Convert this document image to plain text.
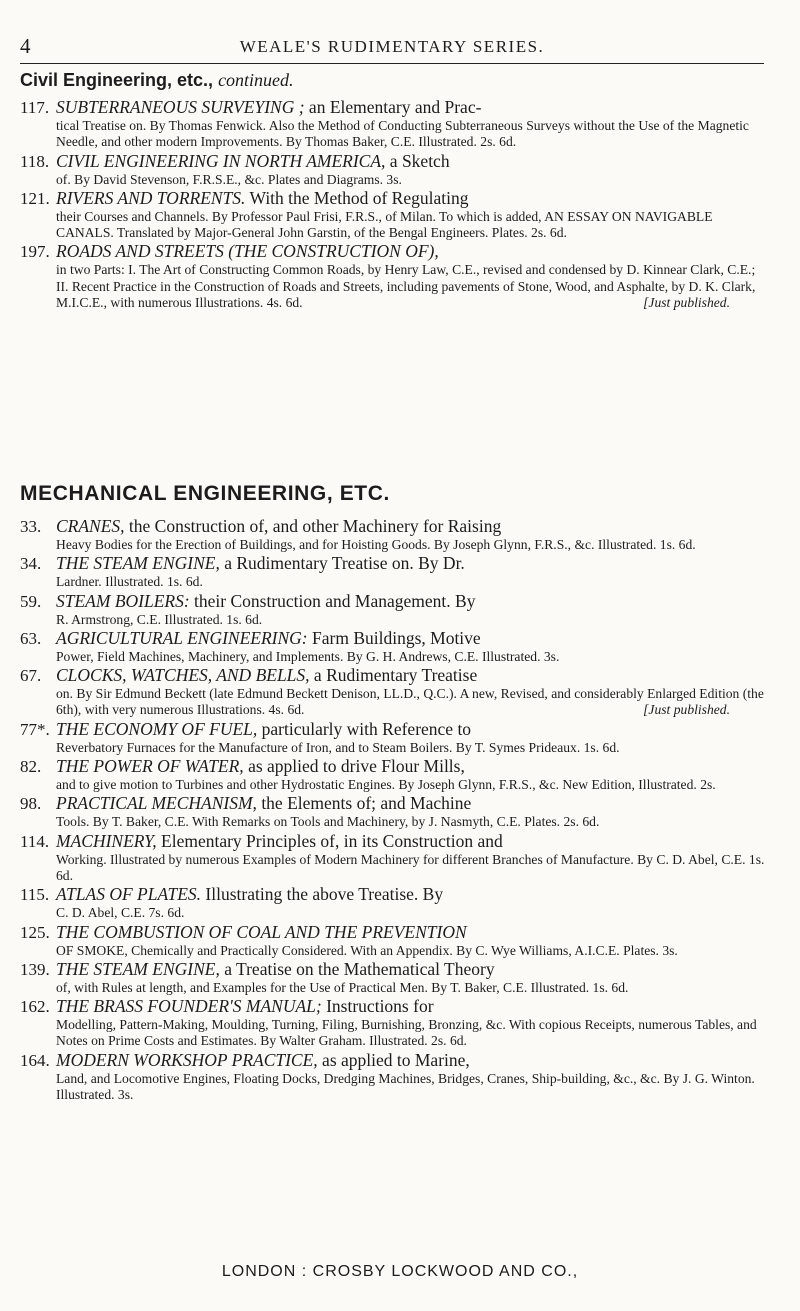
4	WEALE'S RUDIMENTARY SERIES.
Civil Engineering, etc., continued.
117. SUBTERRANEOUS SURVEYING ; an Elementary and Prac-
tical Treatise on. By Thomas Fenwick. Also the Method of Conducting Subterraneous Surveys without the Use of the Magnetic Needle, and other modern Improvements. By Thomas Baker, C.E. Illustrated. 2s. 6d.
118. CIVIL ENGINEERING IN NORTH AMERICA, a Sketch
of. By David Stevenson, F.R.S.E., &c. Plates and Diagrams. 3s.
121. RIVERS AND TORRENTS. With the Method of Regulating
their Courses and Channels. By Professor Paul Frisi, F.R.S., of Milan. To which is added, AN ESSAY ON NAVIGABLE CANALS. Translated by Major-General John Garstin, of the Bengal Engineers. Plates. 2s. 6d.
197. ROADS AND STREETS (THE CONSTRUCTION OF),
in two Parts: I. The Art of Constructing Common Roads, by Henry Law, C.E., revised and condensed by D. Kinnear Clark, C.E.; II. Recent Practice in the Construction of Roads and Streets, including pavements of Stone, Wood, and Asphalte, by D. K. Clark, M.I.C.E., with numerous Illustrations. 4s. 6d.	[Just published.
MECHANICAL ENGINEERING, ETC.
33. CRANES, the Construction of, and other Machinery for Raising
Heavy Bodies for the Erection of Buildings, and for Hoisting Goods. By Joseph Glynn, F.R.S., &c. Illustrated. 1s. 6d.
34. THE STEAM ENGINE, a Rudimentary Treatise on. By Dr.
Lardner. Illustrated. 1s. 6d.
59. STEAM BOILERS: their Construction and Management. By
R. Armstrong, C.E. Illustrated. 1s. 6d.
63. AGRICULTURAL ENGINEERING: Farm Buildings, Motive
Power, Field Machines, Machinery, and Implements. By G. H. Andrews, C.E. Illustrated. 3s.
67. CLOCKS, WATCHES, AND BELLS, a Rudimentary Treatise
on. By Sir Edmund Beckett (late Edmund Beckett Denison, LL.D., Q.C.). A new, Revised, and considerably Enlarged Edition (the 6th), with very numerous Illustrations. 4s. 6d.	[Just published.
77*. THE ECONOMY OF FUEL, particularly with Reference to
Reverbatory Furnaces for the Manufacture of Iron, and to Steam Boilers. By T. Symes Prideaux. 1s. 6d.
82. THE POWER OF WATER, as applied to drive Flour Mills,
and to give motion to Turbines and other Hydrostatic Engines. By Joseph Glynn, F.R.S., &c. New Edition, Illustrated. 2s.
98. PRACTICAL MECHANISM, the Elements of; and Machine
Tools. By T. Baker, C.E. With Remarks on Tools and Machinery, by J. Nasmyth, C.E. Plates. 2s. 6d.
114. MACHINERY, Elementary Principles of, in its Construction and
Working. Illustrated by numerous Examples of Modern Machinery for different Branches of Manufacture. By C. D. Abel, C.E. 1s. 6d.
115. ATLAS OF PLATES. Illustrating the above Treatise. By
C. D. Abel, C.E. 7s. 6d.
125. THE COMBUSTION OF COAL AND THE PREVENTION
OF SMOKE, Chemically and Practically Considered. With an Appendix. By C. Wye Williams, A.I.C.E. Plates. 3s.
139. THE STEAM ENGINE, a Treatise on the Mathematical Theory
of, with Rules at length, and Examples for the Use of Practical Men. By T. Baker, C.E. Illustrated. 1s. 6d.
162. THE BRASS FOUNDER'S MANUAL; Instructions for
Modelling, Pattern-Making, Moulding, Turning, Filing, Burnishing, Bronzing, &c. With copious Receipts, numerous Tables, and Notes on Prime Costs and Estimates. By Walter Graham. Illustrated. 2s. 6d.
164. MODERN WORKSHOP PRACTICE, as applied to Marine,
Land, and Locomotive Engines, Floating Docks, Dredging Machines, Bridges, Cranes, Ship-building, &c., &c. By J. G. Winton. Illustrated. 3s.
LONDON : CROSBY LOCKWOOD AND CO.,
